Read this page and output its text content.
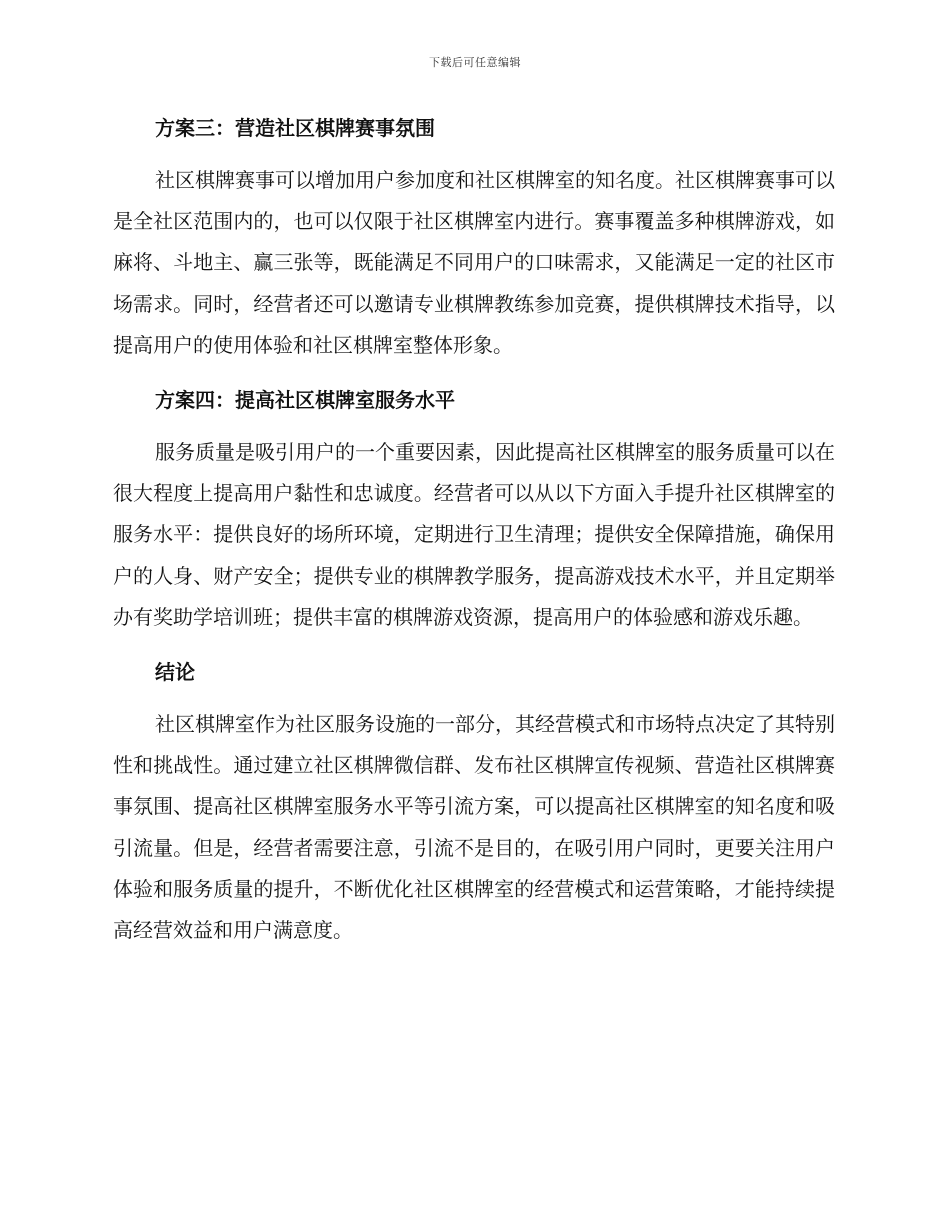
下载后可任意编辑
方案三：营造社区棋牌赛事氛围

社区棋牌赛事可以增加用户参加度和社区棋牌室的知名度。社区棋牌赛事可以是全社区范围内的，也可以仅限于社区棋牌室内进行。赛事覆盖多种棋牌游戏，如麻将、斗地主、赢三张等，既能满足不同用户的口味需求，又能满足一定的社区市场需求。同时，经营者还可以邀请专业棋牌教练参加竞赛，提供棋牌技术指导，以提高用户的使用体验和社区棋牌室整体形象。

方案四：提高社区棋牌室服务水平

服务质量是吸引用户的一个重要因素，因此提高社区棋牌室的服务质量可以在很大程度上提高用户黏性和忠诚度。经营者可以从以下方面入手提升社区棋牌室的服务水平：提供良好的场所环境，定期进行卫生清理；提供安全保障措施，确保用户的人身、财产安全；提供专业的棋牌教学服务，提高游戏技术水平，并且定期举办有奖助学培训班；提供丰富的棋牌游戏资源，提高用户的体验感和游戏乐趣。

结论

社区棋牌室作为社区服务设施的一部分，其经营模式和市场特点决定了其特别性和挑战性。通过建立社区棋牌微信群、发布社区棋牌宣传视频、营造社区棋牌赛事氛围、提高社区棋牌室服务水平等引流方案，可以提高社区棋牌室的知名度和吸引流量。但是，经营者需要注意，引流不是目的，在吸引用户同时，更要关注用户体验和服务质量的提升，不断优化社区棋牌室的经营模式和运营策略，才能持续提高经营效益和用户满意度。
